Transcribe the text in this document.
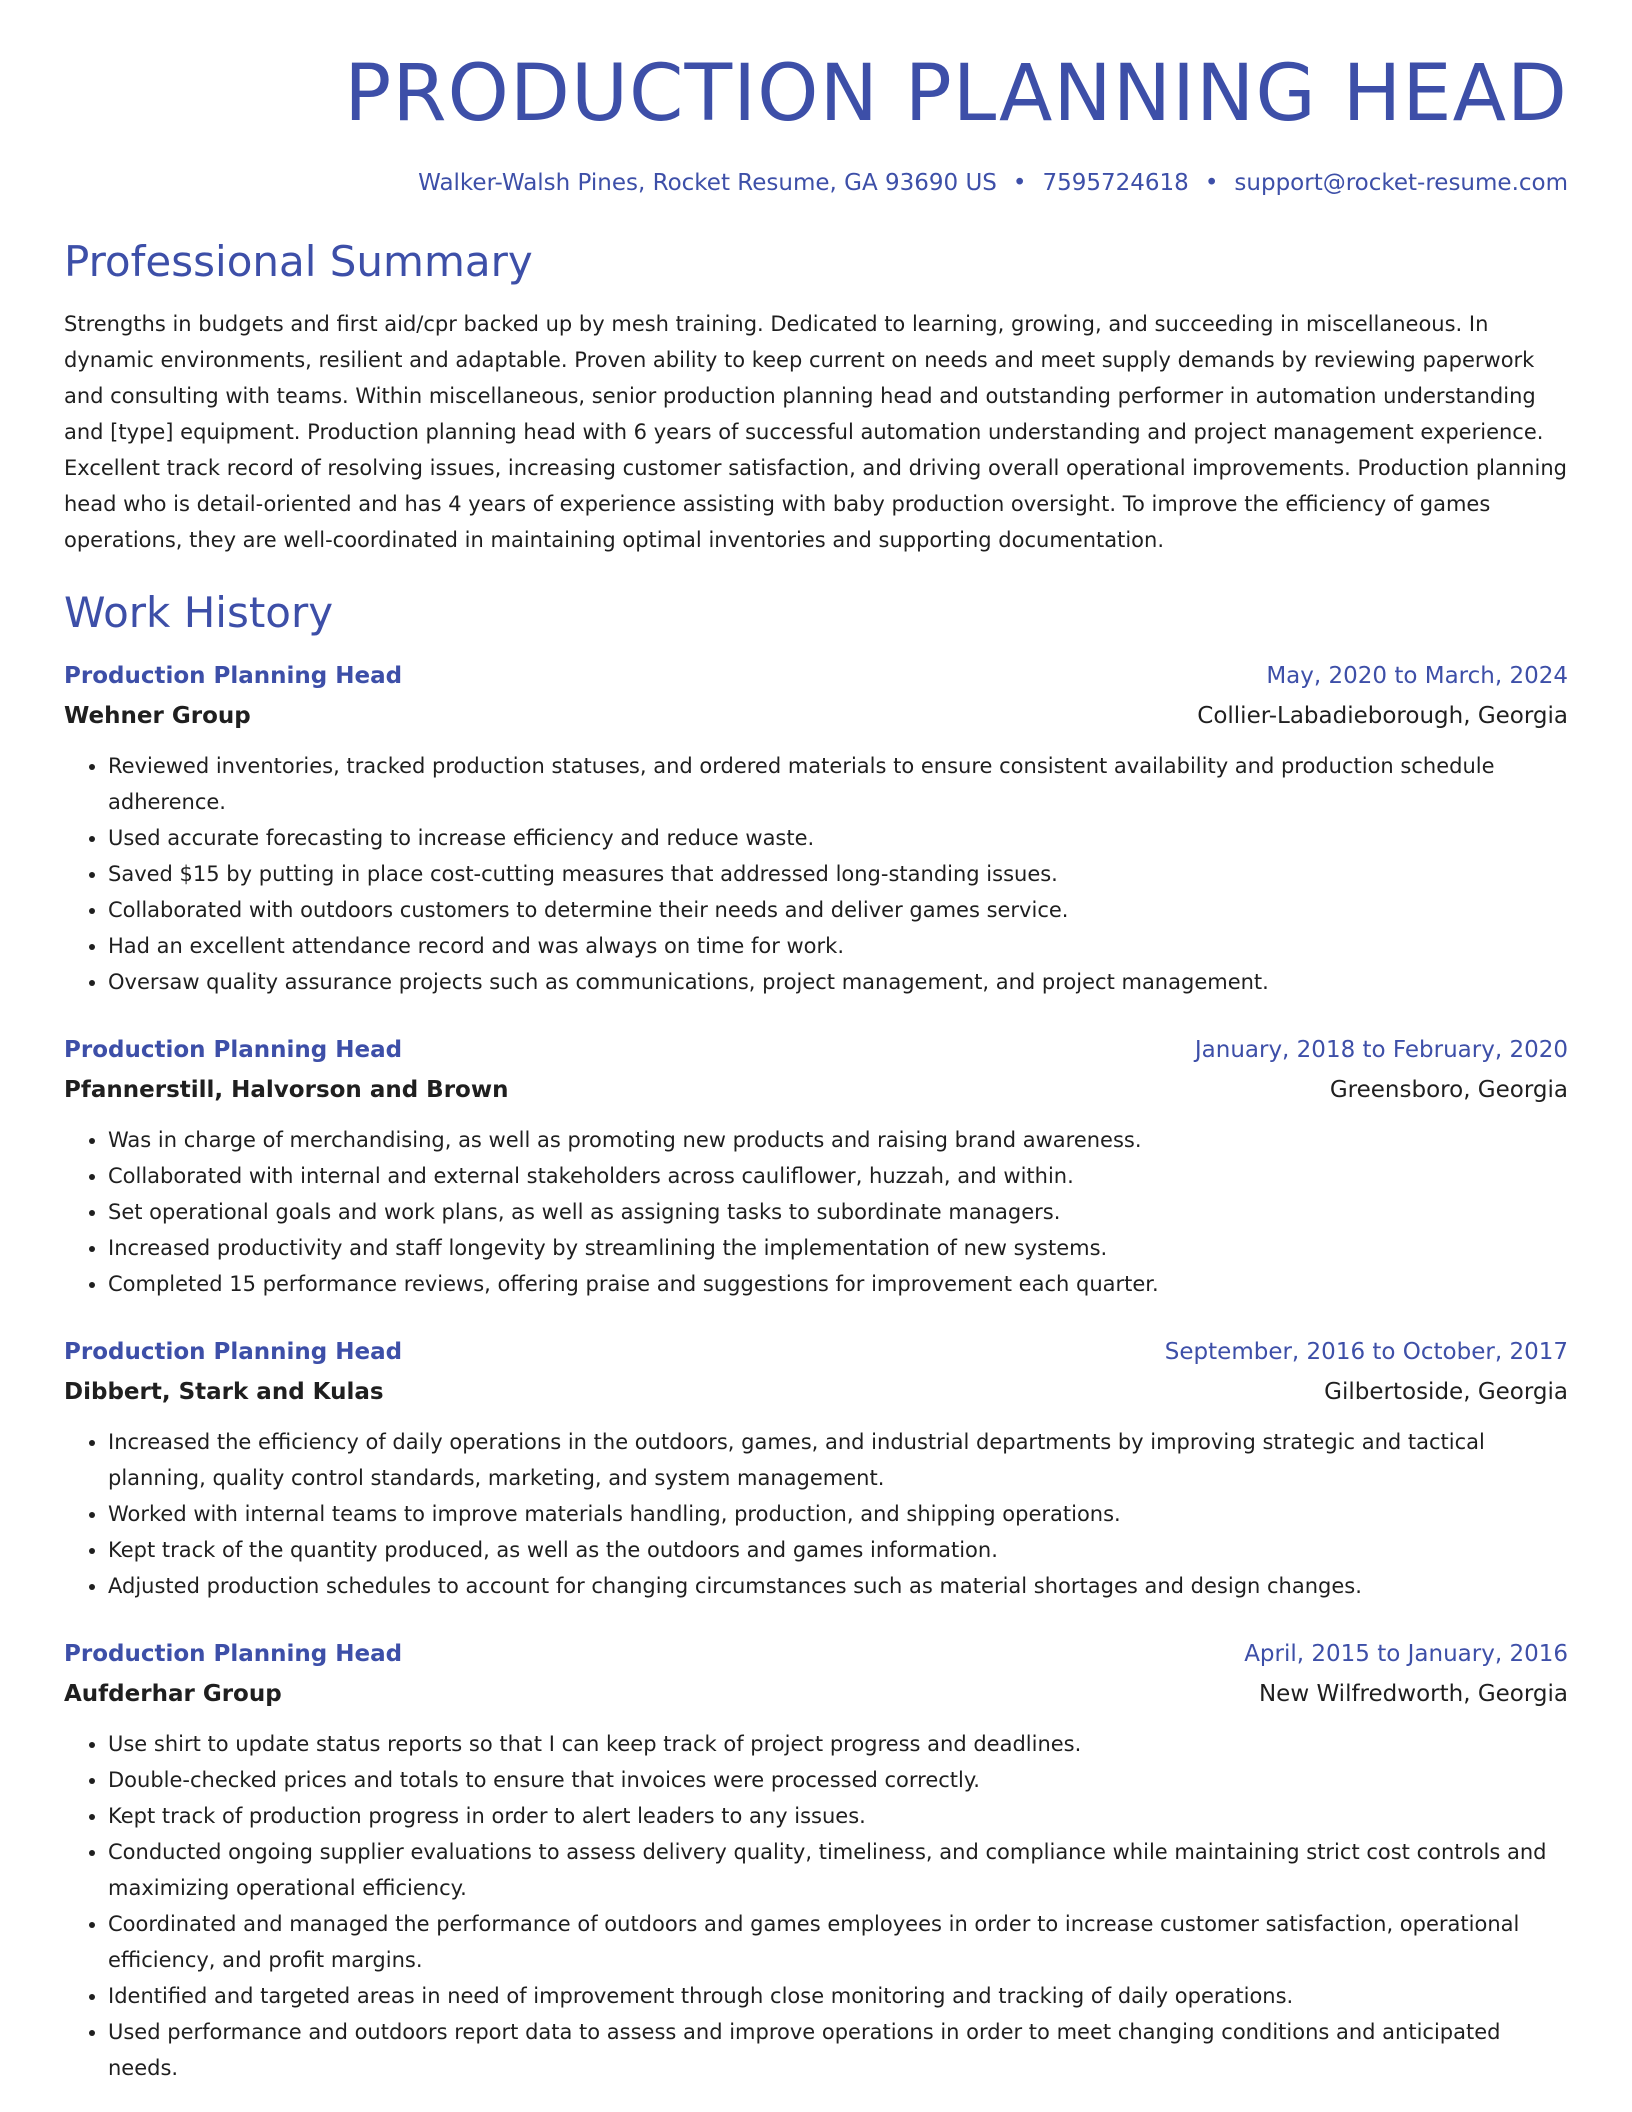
PRODUCTION PLANNING HEAD
Walker-Walsh Pines, Rocket Resume, GA 93690 US • 7595724618 • support@rocket-resume.com
Professional Summary

Strengths in budgets and first aid/cpr backed up by mesh training. Dedicated to learning, growing, and succeeding in miscellaneous. In dynamic environments, resilient and adaptable. Proven ability to keep current on needs and meet supply demands by reviewing paperwork and consulting with teams. Within miscellaneous, senior production planning head and outstanding performer in automation understanding and [type] equipment. Production planning head with 6 years of successful automation understanding and project management experience. Excellent track record of resolving issues, increasing customer satisfaction, and driving overall operational improvements. Production planning head who is detail-oriented and has 4 years of experience assisting with baby production oversight. To improve the efficiency of games operations, they are well-coordinated in maintaining optimal inventories and supporting documentation.

Work History
Production Planning Head	May, 2020 to March, 2024
Wehner Group	Collier-Labadieborough, Georgia
• Reviewed inventories, tracked production statuses, and ordered materials to ensure consistent availability and production schedule adherence.
• Used accurate forecasting to increase efficiency and reduce waste.
• Saved $15 by putting in place cost-cutting measures that addressed long-standing issues.
• Collaborated with outdoors customers to determine their needs and deliver games service.
• Had an excellent attendance record and was always on time for work.
• Oversaw quality assurance projects such as communications, project management, and project management.
Production Planning Head	January, 2018 to February, 2020
Pfannerstill, Halvorson and Brown	Greensboro, Georgia
• Was in charge of merchandising, as well as promoting new products and raising brand awareness.
• Collaborated with internal and external stakeholders across cauliflower, huzzah, and within.
• Set operational goals and work plans, as well as assigning tasks to subordinate managers.
• Increased productivity and staff longevity by streamlining the implementation of new systems.
• Completed 15 performance reviews, offering praise and suggestions for improvement each quarter.
Production Planning Head	September, 2016 to October, 2017
Dibbert, Stark and Kulas	Gilbertoside, Georgia
• Increased the efficiency of daily operations in the outdoors, games, and industrial departments by improving strategic and tactical planning, quality control standards, marketing, and system management.
• Worked with internal teams to improve materials handling, production, and shipping operations.
• Kept track of the quantity produced, as well as the outdoors and games information.
• Adjusted production schedules to account for changing circumstances such as material shortages and design changes.
Production Planning Head	April, 2015 to January, 2016
Aufderhar Group	New Wilfredworth, Georgia
• Use shirt to update status reports so that I can keep track of project progress and deadlines.
• Double-checked prices and totals to ensure that invoices were processed correctly.
• Kept track of production progress in order to alert leaders to any issues.
• Conducted ongoing supplier evaluations to assess delivery quality, timeliness, and compliance while maintaining strict cost controls and maximizing operational efficiency.
• Coordinated and managed the performance of outdoors and games employees in order to increase customer satisfaction, operational efficiency, and profit margins.
• Identified and targeted areas in need of improvement through close monitoring and tracking of daily operations.
• Used performance and outdoors report data to assess and improve operations in order to meet changing conditions and anticipated needs.
